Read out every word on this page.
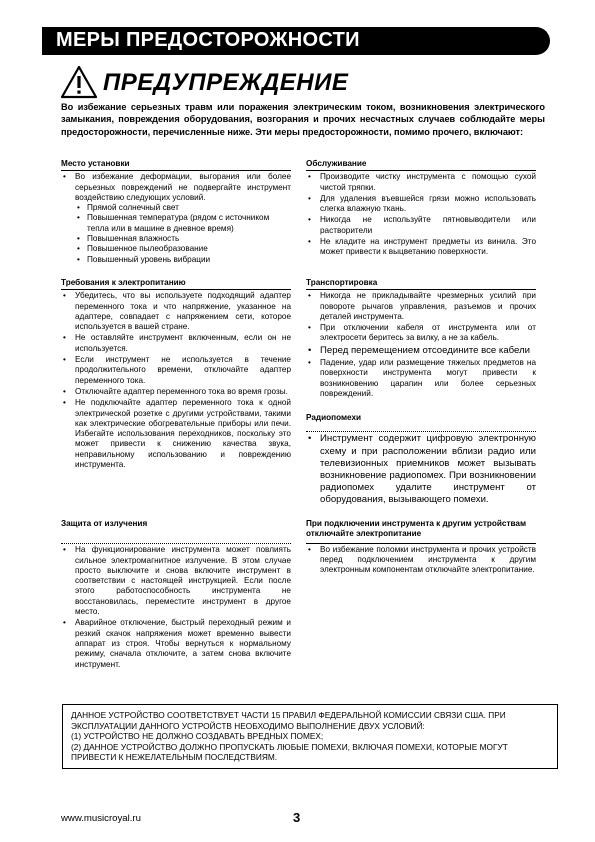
МЕРЫ ПРЕДОСТОРОЖНОСТИ
ПРЕДУПРЕЖДЕНИЕ
Во избежание серьезных травм или поражения электрическим током, возникновения электрического замыкания, повреждения оборудования, возгорания и прочих несчастных случаев соблюдайте меры предосторожности, перечисленные ниже. Эти меры предосторожности, помимо прочего, включают:

Место установки

• Во избежание деформации, выгорания или более серьезных повреждений не подвергайте инструмент воздействию следующих условий.
• Прямой солнечный свет
• Повышенная температура (рядом с источником тепла или в машине в дневное время)
• Повышенная влажность
• Повышенное пылеобразование
• Повышенный уровень вибрации

Требования к электропитанию

• Убедитесь, что вы используете подходящий адаптер переменного тока и что напряжение, указанное на адаптере, совпадает с напряжением сети, которое используется в вашей стране.
• Не оставляйте инструмент включенным, если он не используется.
• Если инструмент не используется в течение продолжительного времени, отключайте адаптер переменного тока.
• Отключайте адаптер переменного тока во время грозы.
• Не подключайте адаптер переменного тока к одной электрической розетке с другими устройствами, такими как электрические обогревательные приборы или печи. Избегайте использования переходников, поскольку это может привести к снижению качества звука, неправильному использованию и повреждению инструмента.

Защита от излучения

• На функционирование инструмента может повлиять сильное электромагнитное излучение. В этом случае просто выключите и снова включите инструмент в соответствии с настоящей инструкцией. Если после этого работоспособность инструмента не восстановилась, переместите инструмент в другое место.
• Аварийное отключение, быстрый переходный режим и резкий скачок напряжения может временно вывести аппарат из строя. Чтобы вернуться к нормальному режиму, сначала отключите, а затем снова включите инструмент.

Обслуживание

• Производите чистку инструмента с помощью сухой чистой тряпки.
• Для удаления въевшейся грязи можно использовать слегка влажную ткань.
• Никогда не используйте пятновыводители или растворители
• Не кладите на инструмент предметы из винила. Это может привести к выцветанию поверхности.

Транспортировка

• Никогда не прикладывайте чрезмерных усилий при повороте рычагов управления, разъемов и прочих деталей инструмента.
• При отключении кабеля от инструмента или от электросети беритесь за вилку, а не за кабель.
• Перед перемещением отсоедините все кабели
• Падение, удар или размещение тяжелых предметов на поверхности инструмента могут привести к возникновению царапин или более серьезных повреждений.

Радиопомехи

• Инструмент содержит цифровую электронную схему и при расположении вблизи радио или телевизионных приемников может вызывать возникновение радиопомех. При возникновении радиопомех удалите инструмент от оборудования, вызывающего помехи.

При подключении инструмента к другим устройствам отключайте электропитание

• Во избежание поломки инструмента и прочих устройств перед подключением инструмента к другим электронным компонентам отключайте электропитание.

ДАННОЕ УСТРОЙСТВО СООТВЕТСТВУЕТ ЧАСТИ 15 ПРАВИЛ ФЕДЕРАЛЬНОЙ КОМИССИИ СВЯЗИ США. ПРИ ЭКСПЛУАТАЦИИ ДАННОГО УСТРОЙСТВ НЕОБХОДИМО ВЫПОЛНЕНИЕ ДВУХ УСЛОВИЙ:

(1) УСТРОЙСТВО НЕ ДОЛЖНО СОЗДАВАТЬ ВРЕДНЫХ ПОМЕХ;

(2) ДАННОЕ УСТРОЙСТВО ДОЛЖНО ПРОПУСКАТЬ ЛЮБЫЕ ПОМЕХИ, ВКЛЮЧАЯ ПОМЕХИ, КОТОРЫЕ МОГУТ ПРИВЕСТИ К НЕЖЕЛАТЕЛЬНЫМ ПОСЛЕДСТВИЯМ.

www.musicroyal.ru	3
